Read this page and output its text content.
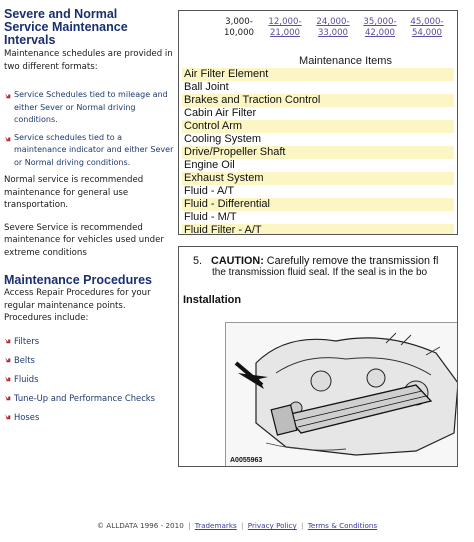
Severe and Normal Service Maintenance Intervals
Maintenance schedules are provided in two different formats:
Service Schedules tied to mileage and either Sever or Normal driving conditions.
Service schedules tied to a maintenance indicator and either Sever or Normal driving conditions.
Normal service is recommended maintenance for general use transportation.
Severe Service is recommended maintenance for vehicles used under extreme conditions
Maintenance Procedures
Access Repair Procedures for your regular maintenance points. Procedures include:
Filters
Belts
Fluids
Tune-Up and Performance Checks
Hoses
3,000-
10,000
12,000-
21,000
24,000-
33,000
35,000-
42,000
45,000-
54,000
Maintenance Items
Air Filter Element
Ball Joint
Brakes and Traction Control
Cabin Air Filter
Control Arm
Cooling System
Drive/Propeller Shaft
Engine Oil
Exhaust System
Fluid - A/T
Fluid - Differential
Fluid - M/T
Fluid Filter - A/T
5. CAUTION: Carefully remove the transmission fl
the transmission fluid seal. If the seal is in the bo
Installation
A0055963
© ALLDATA 1996 - 2010 | Trademarks | Privacy Policy | Terms & Conditions
